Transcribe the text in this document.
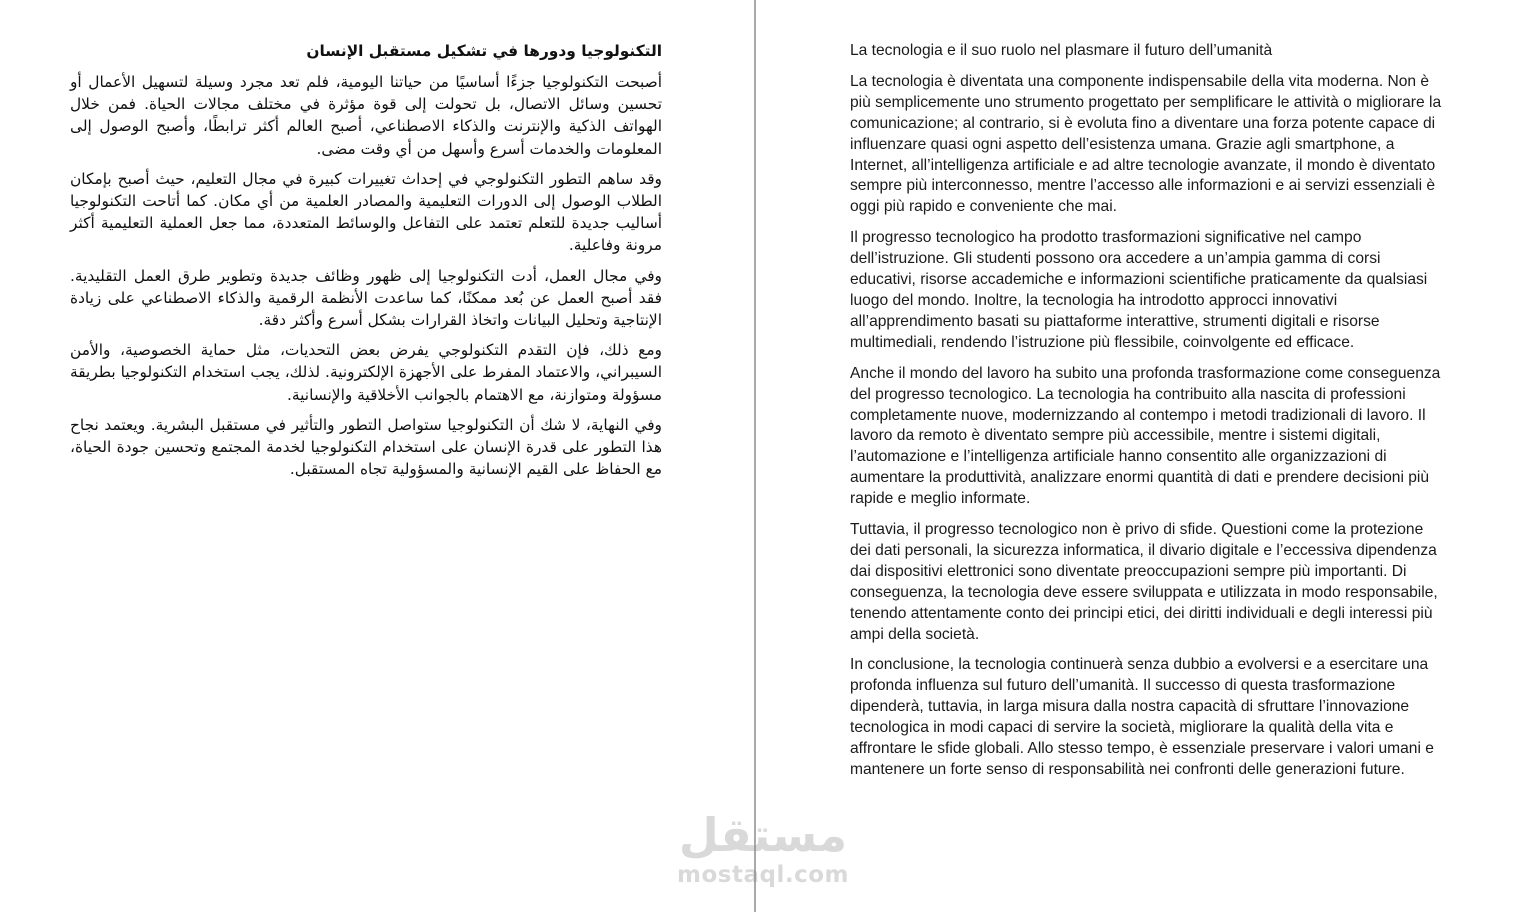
التكنولوجيا ودورها في تشكيل مستقبل الإنسان

أصبحت التكنولوجيا جزءًا أساسيًا من حياتنا اليومية، فلم تعد مجرد وسيلة لتسهيل الأعمال أو تحسين وسائل الاتصال، بل تحولت إلى قوة مؤثرة في مختلف مجالات الحياة. فمن خلال الهواتف الذكية والإنترنت والذكاء الاصطناعي، أصبح العالم أكثر ترابطًا، وأصبح الوصول إلى المعلومات والخدمات أسرع وأسهل من أي وقت مضى.

وقد ساهم التطور التكنولوجي في إحداث تغييرات كبيرة في مجال التعليم، حيث أصبح بإمكان الطلاب الوصول إلى الدورات التعليمية والمصادر العلمية من أي مكان. كما أتاحت التكنولوجيا أساليب جديدة للتعلم تعتمد على التفاعل والوسائط المتعددة، مما جعل العملية التعليمية أكثر مرونة وفاعلية.

وفي مجال العمل، أدت التكنولوجيا إلى ظهور وظائف جديدة وتطوير طرق العمل التقليدية. فقد أصبح العمل عن بُعد ممكنًا، كما ساعدت الأنظمة الرقمية والذكاء الاصطناعي على زيادة الإنتاجية وتحليل البيانات واتخاذ القرارات بشكل أسرع وأكثر دقة.

ومع ذلك، فإن التقدم التكنولوجي يفرض بعض التحديات، مثل حماية الخصوصية، والأمن السيبراني، والاعتماد المفرط على الأجهزة الإلكترونية. لذلك، يجب استخدام التكنولوجيا بطريقة مسؤولة ومتوازنة، مع الاهتمام بالجوانب الأخلاقية والإنسانية.

وفي النهاية، لا شك أن التكنولوجيا ستواصل التطور والتأثير في مستقبل البشرية. ويعتمد نجاح هذا التطور على قدرة الإنسان على استخدام التكنولوجيا لخدمة المجتمع وتحسين جودة الحياة، مع الحفاظ على القيم الإنسانية والمسؤولية تجاه المستقبل.

La tecnologia e il suo ruolo nel plasmare il futuro dell’umanità

La tecnologia è diventata una componente indispensabile della vita moderna. Non è più semplicemente uno strumento progettato per semplificare le attività o migliorare la comunicazione; al contrario, si è evoluta fino a diventare una forza potente capace di influenzare quasi ogni aspetto dell’esistenza umana. Grazie agli smartphone, a Internet, all’intelligenza artificiale e ad altre tecnologie avanzate, il mondo è diventato sempre più interconnesso, mentre l’accesso alle informazioni e ai servizi essenziali è oggi più rapido e conveniente che mai.

Il progresso tecnologico ha prodotto trasformazioni significative nel campo dell’istruzione. Gli studenti possono ora accedere a un’ampia gamma di corsi educativi, risorse accademiche e informazioni scientifiche praticamente da qualsiasi luogo del mondo. Inoltre, la tecnologia ha introdotto approcci innovativi all’apprendimento basati su piattaforme interattive, strumenti digitali e risorse multimediali, rendendo l’istruzione più flessibile, coinvolgente ed efficace.

Anche il mondo del lavoro ha subito una profonda trasformazione come conseguenza del progresso tecnologico. La tecnologia ha contribuito alla nascita di professioni completamente nuove, modernizzando al contempo i metodi tradizionali di lavoro. Il lavoro da remoto è diventato sempre più accessibile, mentre i sistemi digitali, l’automazione e l’intelligenza artificiale hanno consentito alle organizzazioni di aumentare la produttività, analizzare enormi quantità di dati e prendere decisioni più rapide e meglio informate.

Tuttavia, il progresso tecnologico non è privo di sfide. Questioni come la protezione dei dati personali, la sicurezza informatica, il divario digitale e l’eccessiva dipendenza dai dispositivi elettronici sono diventate preoccupazioni sempre più importanti. Di conseguenza, la tecnologia deve essere sviluppata e utilizzata in modo responsabile, tenendo attentamente conto dei principi etici, dei diritti individuali e degli interessi più ampi della società.

In conclusione, la tecnologia continuerà senza dubbio a evolversi e a esercitare una profonda influenza sul futuro dell’umanità. Il successo di questa trasformazione dipenderà, tuttavia, in larga misura dalla nostra capacità di sfruttare l’innovazione tecnologica in modi capaci di servire la società, migliorare la qualità della vita e affrontare le sfide globali. Allo stesso tempo, è essenziale preservare i valori umani e mantenere un forte senso di responsabilità nei confronti delle generazioni future.

مستقل
mostaql.com
